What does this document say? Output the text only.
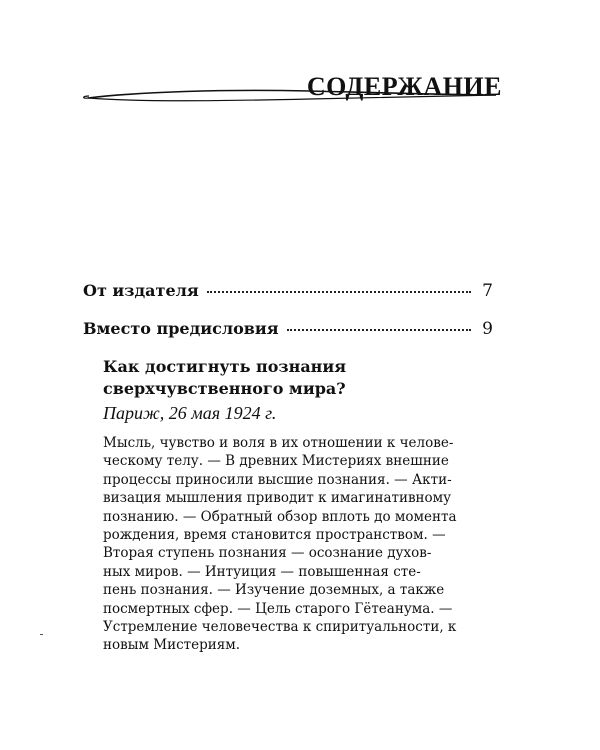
СОДЕРЖАНИЕ
От издателя	7
Вместо предисловия	9
Как достигнуть познания
сверхчувственного мира?

Париж, 26 мая 1924 г.

Мысль, чувство и воля в их отношении к челове-
ческому телу. — В древних Мистериях внешние
процессы приносили высшие познания. — Акти-
визация мышления приводит к имагинативному
познанию. — Обратный обзор вплоть до момента
рождения, время становится пространством. —
Вторая ступень познания — осознание духов-
ных миров. — Интуиция — повышенная сте-
пень познания. — Изучение доземных, а также
посмертных сфер. — Цель старого Гётеанума. —
Устремление человечества к спиритуальности, к
новым Мистериям.
